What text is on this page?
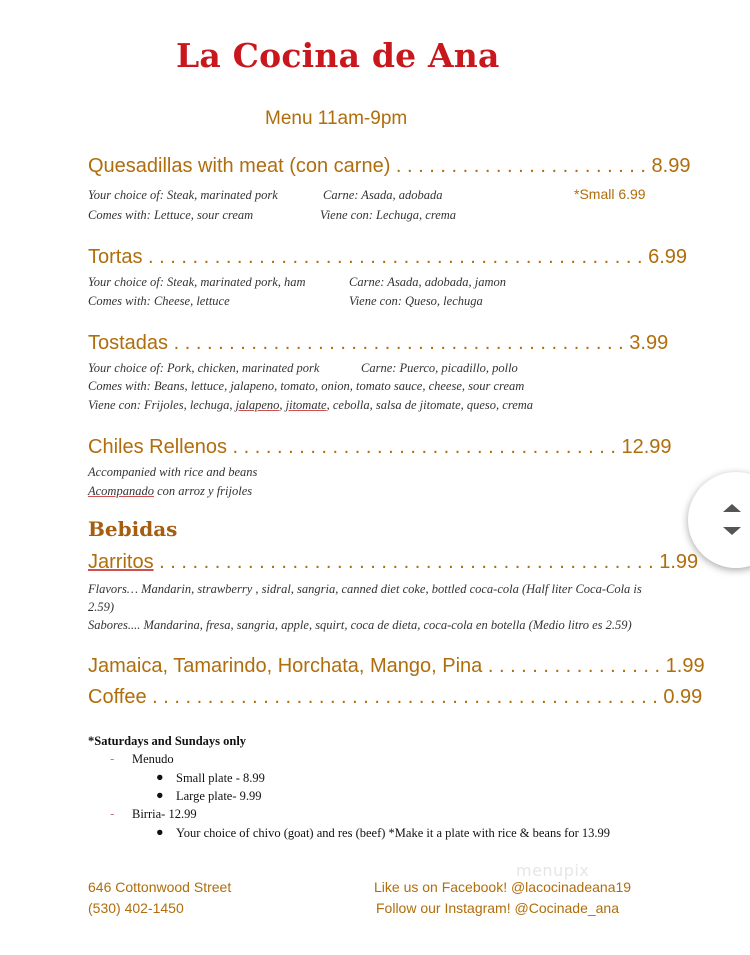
La Cocina de Ana
Menu 11am-9pm
Quesadillas with meat (con carne) . . . . . . . . . . . . . . . . . . . . . . . 8.99
*Small 6.99
Your choice of: Steak, marinated pork	Carne: Asada, adobada
Comes with: Lettuce, sour cream	Viene con: Lechuga, crema
Tortas . . . . . . . . . . . . . . . . . . . . . . . . . . . . . . . . . . . . . . . . . . . . . 6.99
Your choice of: Steak, marinated pork, ham	Carne: Asada, adobada, jamon
Comes with: Cheese, lettuce	Viene con: Queso, lechuga
Tostadas . . . . . . . . . . . . . . . . . . . . . . . . . . . . . . . . . . . . . . . . . 3.99
Your choice of: Pork, chicken, marinated pork	Carne: Puerco, picadillo, pollo
Comes with: Beans, lettuce, jalapeno, tomato, onion, tomato sauce, cheese, sour cream
Viene con: Frijoles, lechuga, jalapeno, jitomate, cebolla, salsa de jitomate, queso, crema
Chiles Rellenos . . . . . . . . . . . . . . . . . . . . . . . . . . . . . . . . . . . 12.99
Accompanied with rice and beans
Acompanado con arroz y frijoles
Bebidas
Jarritos . . . . . . . . . . . . . . . . . . . . . . . . . . . . . . . . . . . . . . . . . . . . . 1.99
Flavors… Mandarin, strawberry , sidral, sangria, canned diet coke, bottled coca-cola (Half liter Coca-Cola is 2.59)
Sabores.... Mandarina, fresa, sangria, apple, squirt, coca de dieta, coca-cola en botella (Medio litro es 2.59)
Jamaica, Tamarindo, Horchata, Mango, Pina . . . . . . . . . . . . . . . . 1.99
Coffee . . . . . . . . . . . . . . . . . . . . . . . . . . . . . . . . . . . . . . . . . . . . . . 0.99
*Saturdays and Sundays only
- Menudo
● Small plate - 8.99
● Large plate- 9.99
- Birria- 12.99
● Your choice of chivo (goat) and res (beef) *Make it a plate with rice & beans for 13.99
menupix
646 Cottonwood Street
(530) 402-1450
Like us on Facebook! @lacocinadeana19
Follow our Instagram! @Cocinade_ana
